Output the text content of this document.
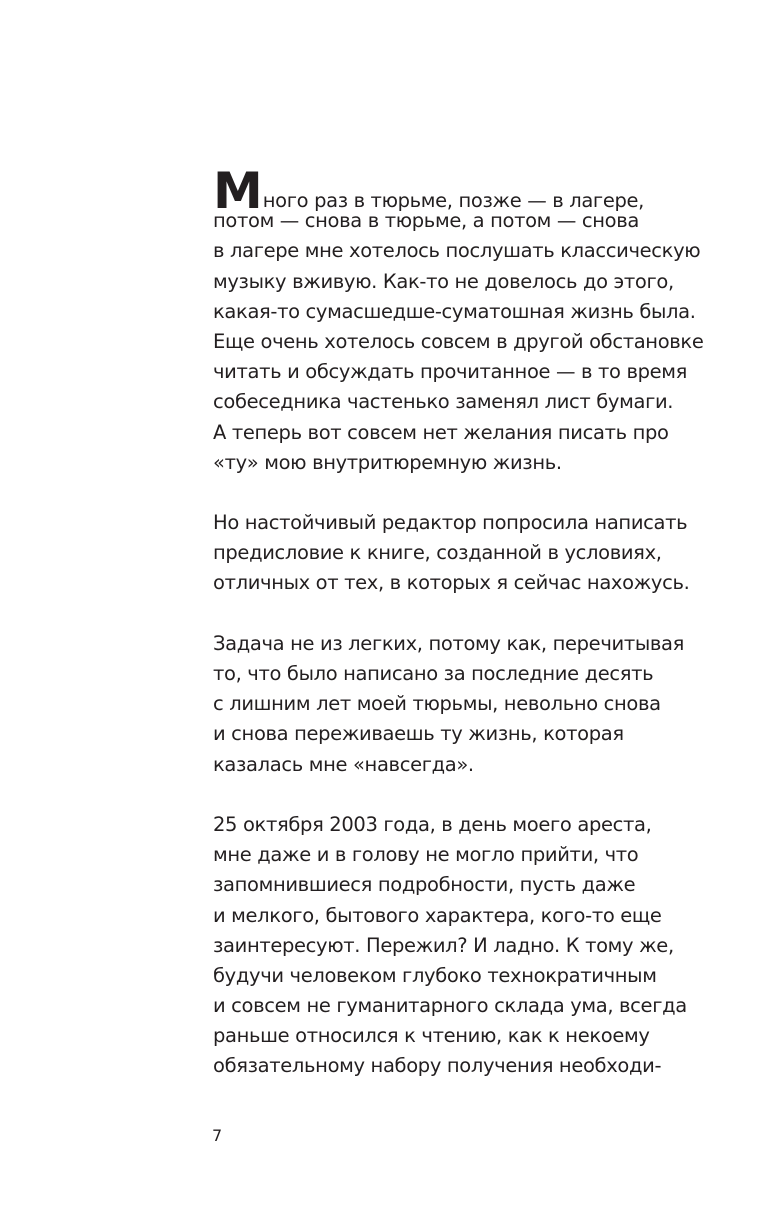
Много раз в тюрьме, позже — в лагере,
потом — снова в тюрьме, а потом — снова
в лагере мне хотелось послушать классическую
музыку вживую. Как-то не довелось до этого,
какая-то сумасшедше-суматошная жизнь была.
Еще очень хотелось совсем в другой обстановке
читать и обсуждать прочитанное — в то время
собеседника частенько заменял лист бумаги.
А теперь вот совсем нет желания писать про
«ту» мою внутритюремную жизнь.
Но настойчивый редактор попросила написать
предисловие к книге, созданной в условиях,
отличных от тех, в которых я сейчас нахожусь.
Задача не из легких, потому как, перечитывая
то, что было написано за последние десять
с лишним лет моей тюрьмы, невольно снова
и снова переживаешь ту жизнь, которая
казалась мне «навсегда».
25 октября 2003 года, в день моего ареста,
мне даже и в голову не могло прийти, что
запомнившиеся подробности, пусть даже
и мелкого, бытового характера, кого-то еще
заинтересуют. Пережил? И ладно. К тому же,
будучи человеком глубоко технократичным
и совсем не гуманитарного склада ума, всегда
раньше относился к чтению, как к некоему
обязательному набору получения необходи-
7
